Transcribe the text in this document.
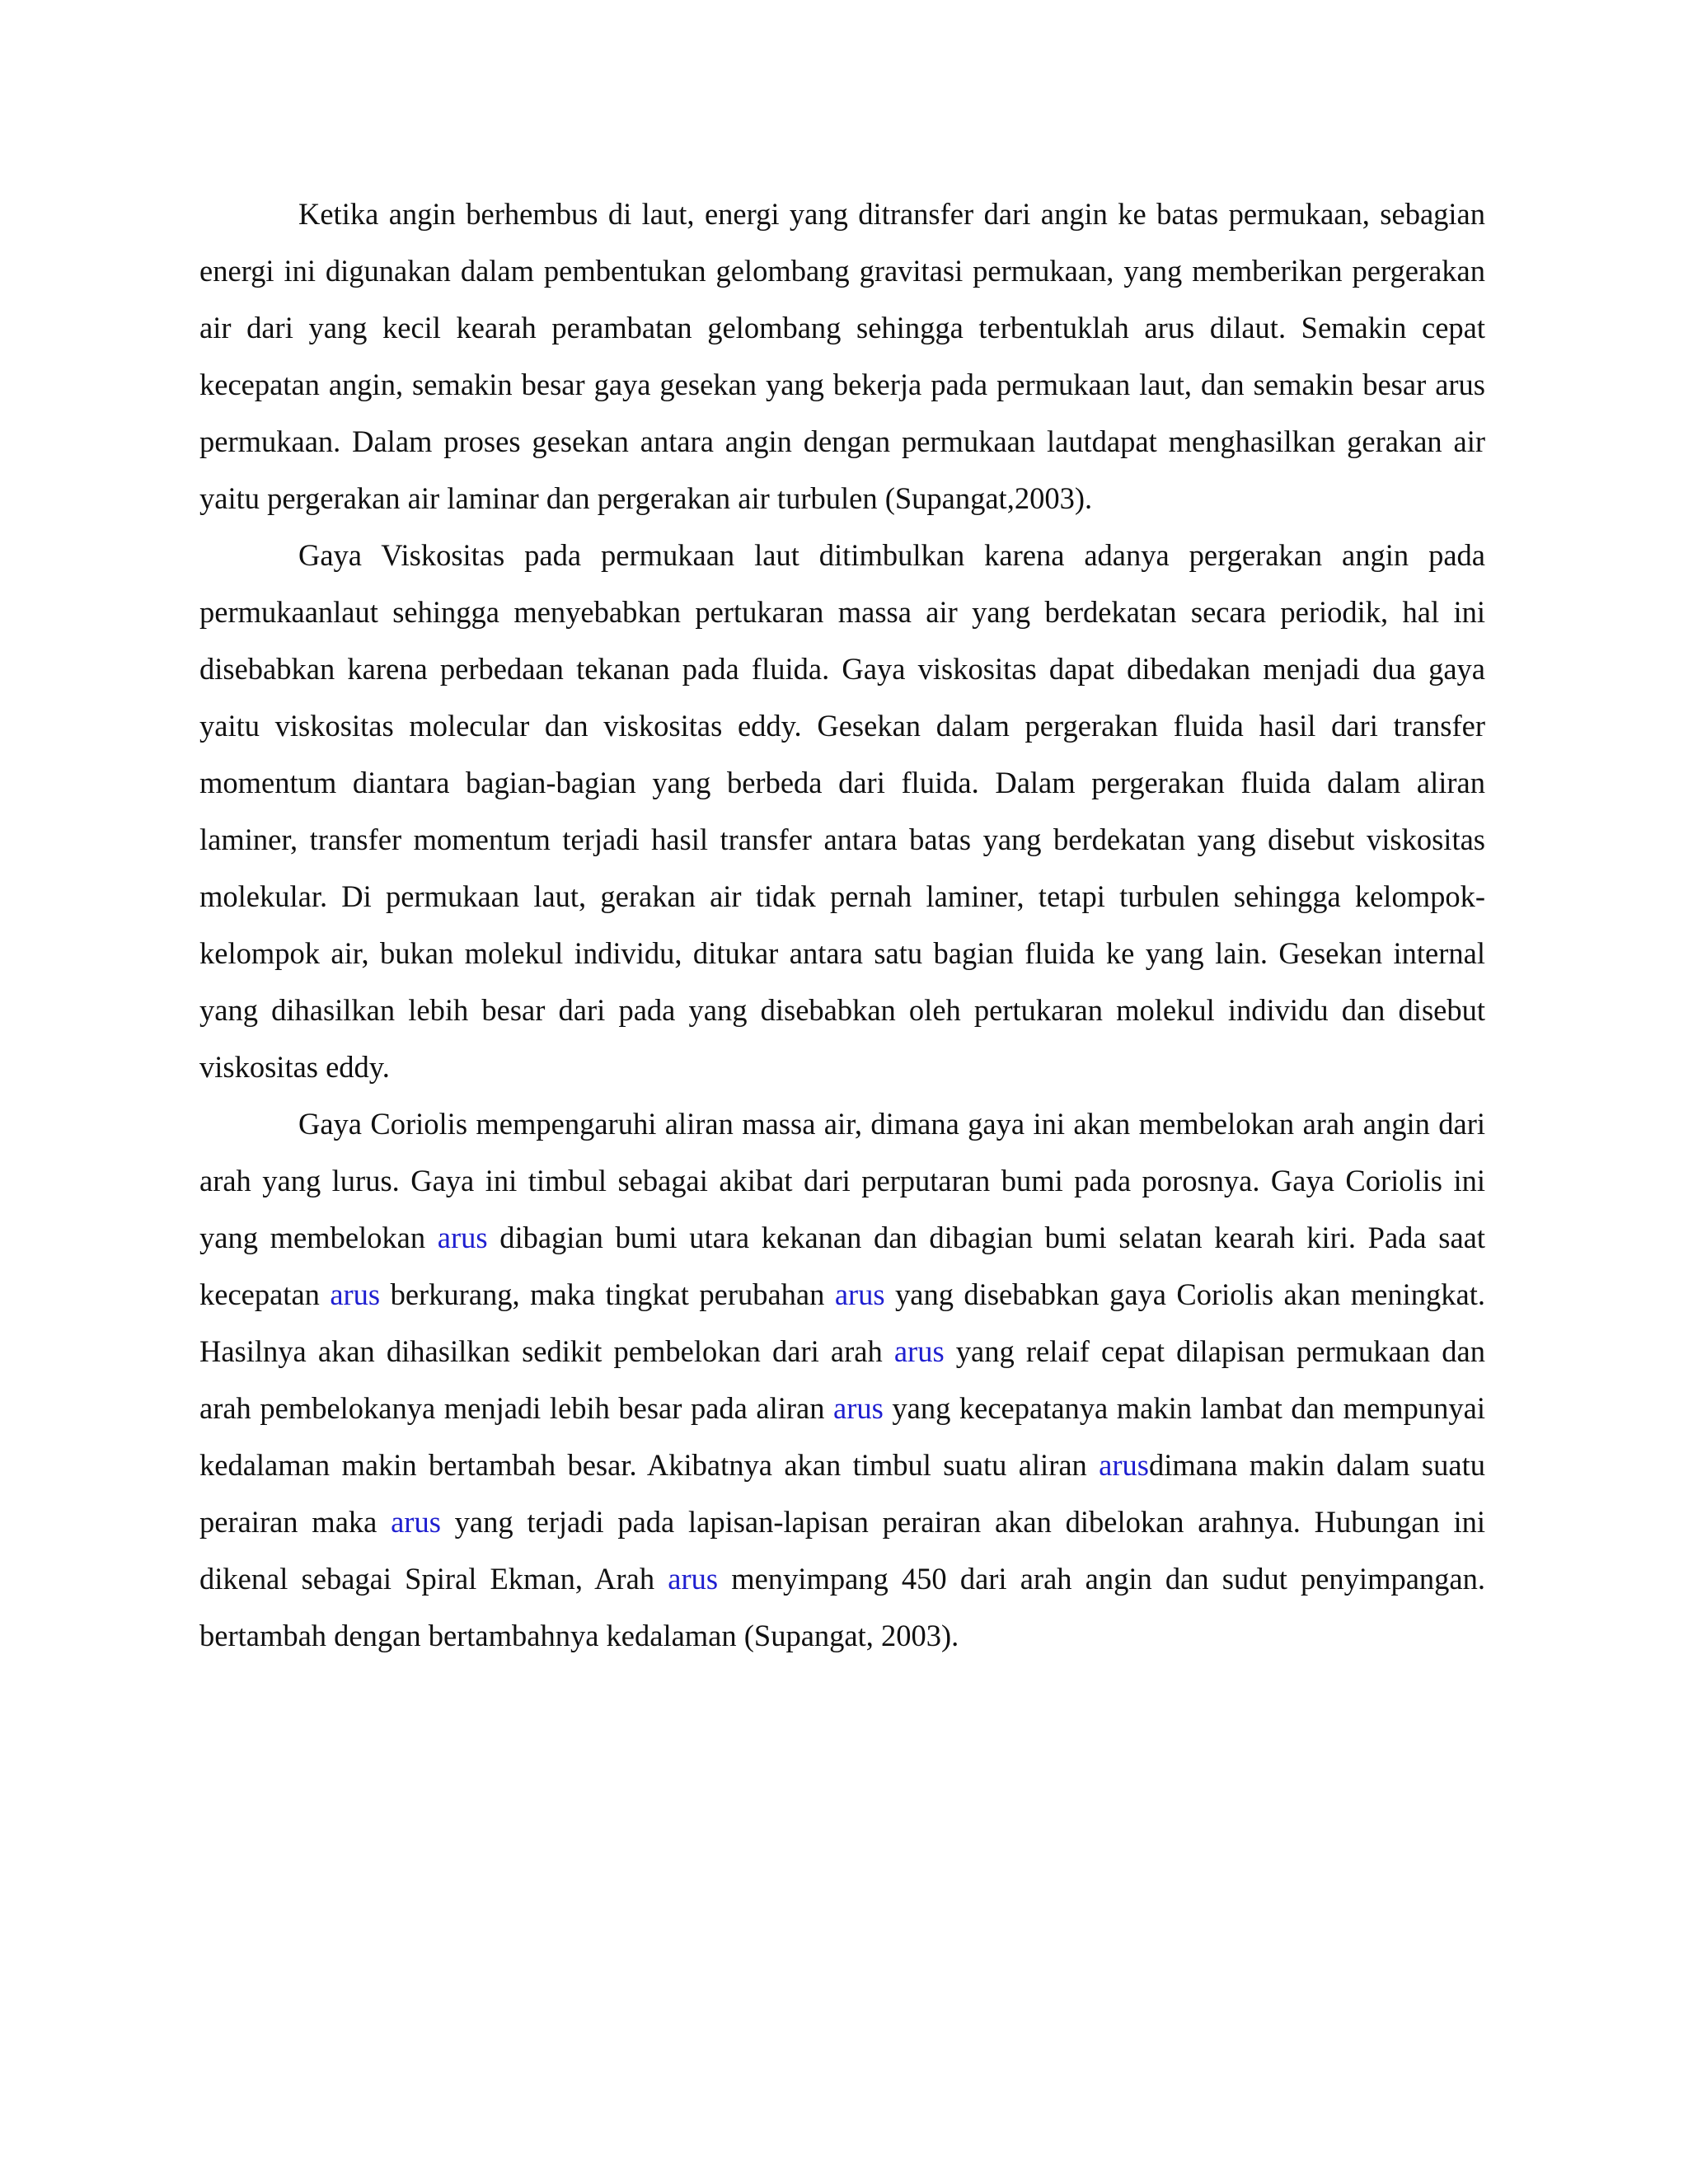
Ketika angin berhembus di laut, energi yang ditransfer dari angin ke batas permukaan, sebagian energi ini digunakan dalam pembentukan gelombang gravitasi permukaan, yang memberikan pergerakan air dari yang kecil kearah perambatan gelombang sehingga terbentuklah arus dilaut. Semakin cepat kecepatan angin, semakin besar gaya gesekan yang bekerja pada permukaan laut, dan semakin besar arus permukaan. Dalam proses gesekan antara angin dengan permukaan lautdapat menghasilkan gerakan air yaitu pergerakan air laminar dan pergerakan air turbulen (Supangat,2003).

Gaya Viskositas pada permukaan laut ditimbulkan karena adanya pergerakan angin pada permukaanlaut sehingga menyebabkan pertukaran massa air yang berdekatan secara periodik, hal ini disebabkan karena perbedaan tekanan pada fluida. Gaya viskositas dapat dibedakan menjadi dua gaya yaitu viskositas molecular dan viskositas eddy. Gesekan dalam pergerakan fluida hasil dari transfer momentum diantara bagian-bagian yang berbeda dari fluida. Dalam pergerakan fluida dalam aliran laminer, transfer momentum terjadi hasil transfer antara batas yang berdekatan yang disebut viskositas molekular. Di permukaan laut, gerakan air tidak pernah laminer, tetapi turbulen sehingga kelompok-kelompok air, bukan molekul individu, ditukar antara satu bagian fluida ke yang lain. Gesekan internal yang dihasilkan lebih besar dari pada yang disebabkan oleh pertukaran molekul individu dan disebut viskositas eddy.

Gaya Coriolis mempengaruhi aliran massa air, dimana gaya ini akan membelokan arah angin dari arah yang lurus. Gaya ini timbul sebagai akibat dari perputaran bumi pada porosnya. Gaya Coriolis ini yang membelokan arus dibagian bumi utara kekanan dan dibagian bumi selatan kearah kiri. Pada saat kecepatan arus berkurang, maka tingkat perubahan arus yang disebabkan gaya Coriolis akan meningkat. Hasilnya akan dihasilkan sedikit pembelokan dari arah arus yang relaif cepat dilapisan permukaan dan arah pembelokanya menjadi lebih besar pada aliran arus yang kecepatanya makin lambat dan mempunyai kedalaman makin bertambah besar. Akibatnya akan timbul suatu aliran arusdimana makin dalam suatu perairan maka arus yang terjadi pada lapisan-lapisan perairan akan dibelokan arahnya. Hubungan ini dikenal sebagai Spiral Ekman, Arah arus menyimpang 450 dari arah angin dan sudut penyimpangan. bertambah dengan bertambahnya kedalaman (Supangat, 2003).
